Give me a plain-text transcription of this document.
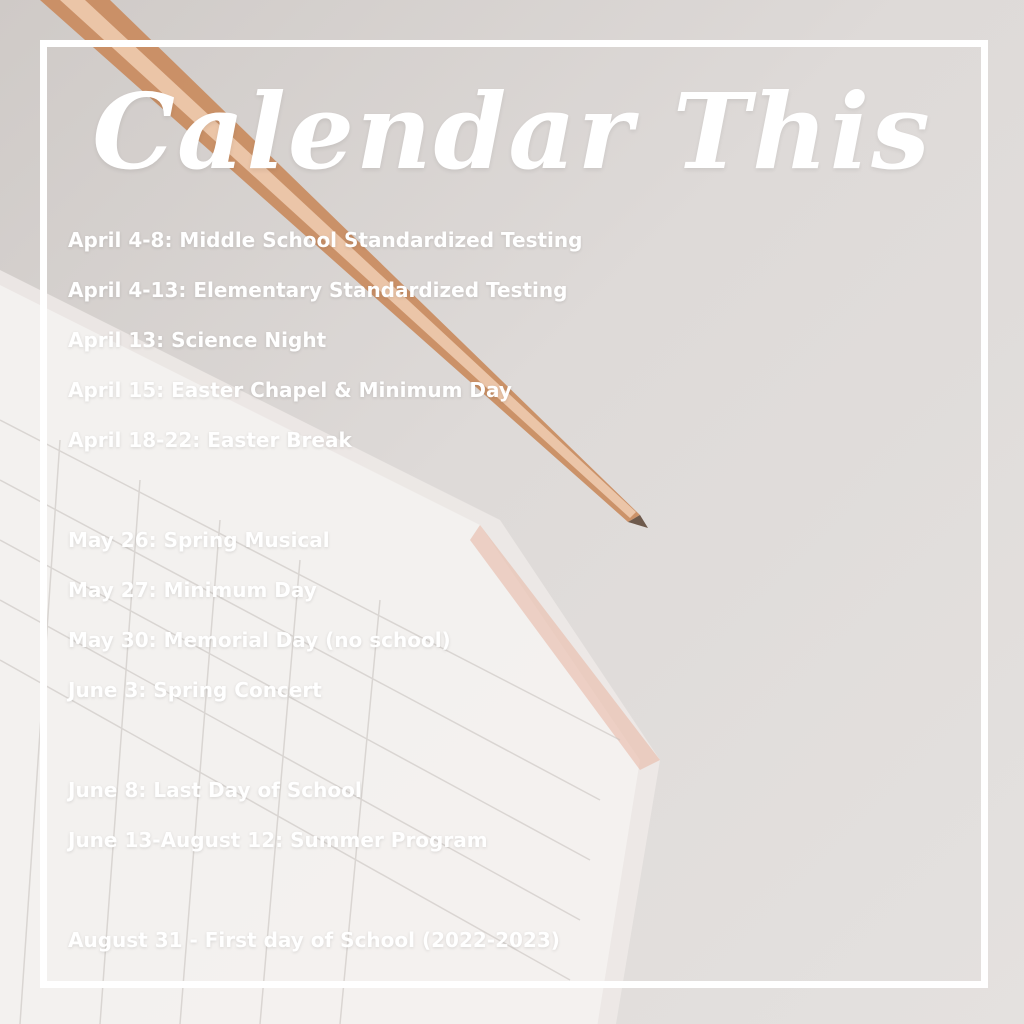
Calendar This
April 4-8: Middle School Standardized Testing
April 4-13: Elementary Standardized Testing
April 13: Science Night
April 15: Easter Chapel & Minimum Day
April 18-22: Easter Break
May 26: Spring Musical
May 27: Minimum Day
May 30: Memorial Day (no school)
June 3: Spring Concert
June 8: Last Day of School
June 13-August 12: Summer Program
August 31 - First day of School (2022-2023)
